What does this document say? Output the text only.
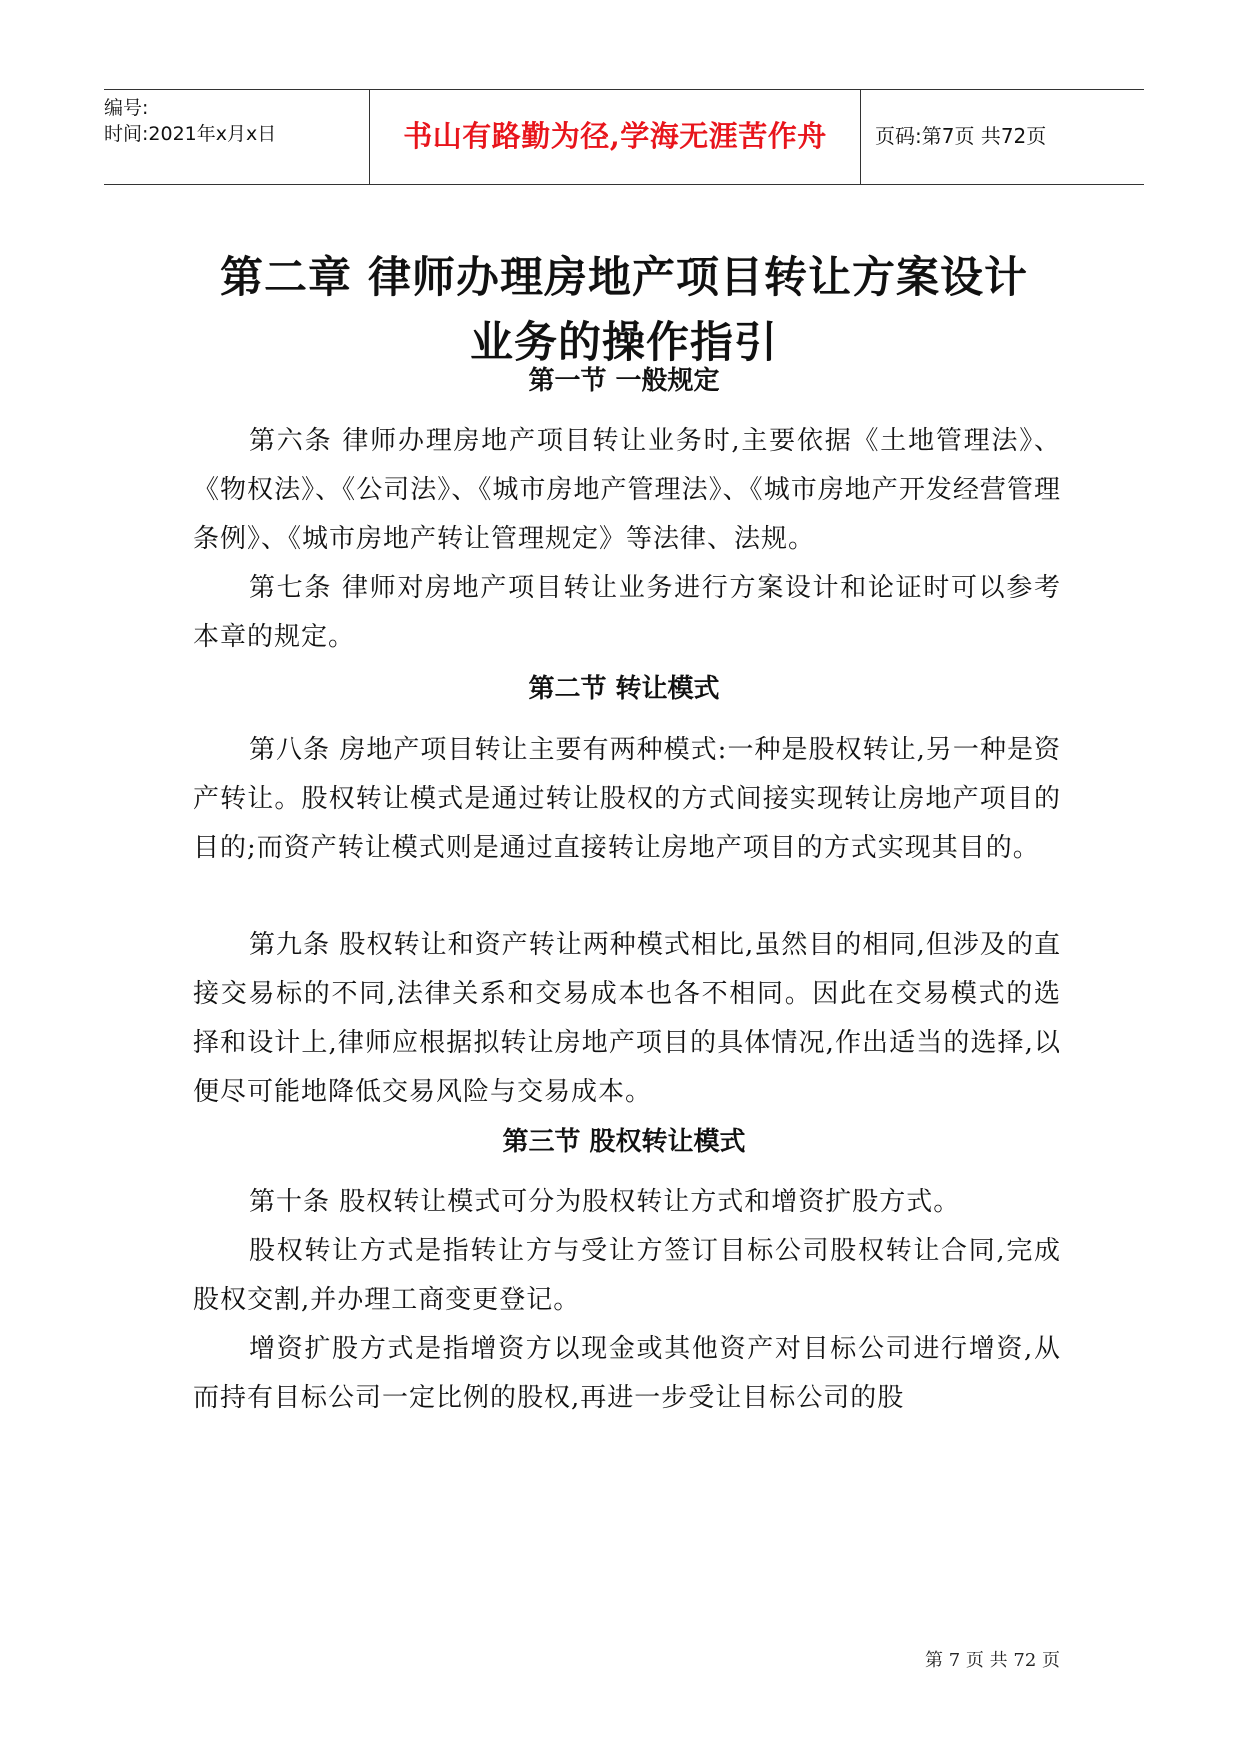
编号:
时间:2021年x月x日	书山有路勤为径,学海无涯苦作舟	页码:第7页 共72页
第二章 律师办理房地产项目转让方案设计
业务的操作指引
第一节 一般规定

第六条 律师办理房地产项目转让业务时,主要依据《土地管理法》、《物权法》、《公司法》、《城市房地产管理法》、《城市房地产开发经营管理条例》、《城市房地产转让管理规定》等法律、法规。

第七条 律师对房地产项目转让业务进行方案设计和论证时可以参考本章的规定。

第二节 转让模式

第八条 房地产项目转让主要有两种模式:一种是股权转让,另一种是资产转让。股权转让模式是通过转让股权的方式间接实现转让房地产项目的目的;而资产转让模式则是通过直接转让房地产项目的方式实现其目的。

第九条 股权转让和资产转让两种模式相比,虽然目的相同,但涉及的直接交易标的不同,法律关系和交易成本也各不相同。因此在交易模式的选择和设计上,律师应根据拟转让房地产项目的具体情况,作出适当的选择,以便尽可能地降低交易风险与交易成本。

第三节 股权转让模式

第十条 股权转让模式可分为股权转让方式和增资扩股方式。

股权转让方式是指转让方与受让方签订目标公司股权转让合同,完成股权交割,并办理工商变更登记。

增资扩股方式是指增资方以现金或其他资产对目标公司进行增资,从而持有目标公司一定比例的股权,再进一步受让目标公司的股

第 7 页 共 72 页
